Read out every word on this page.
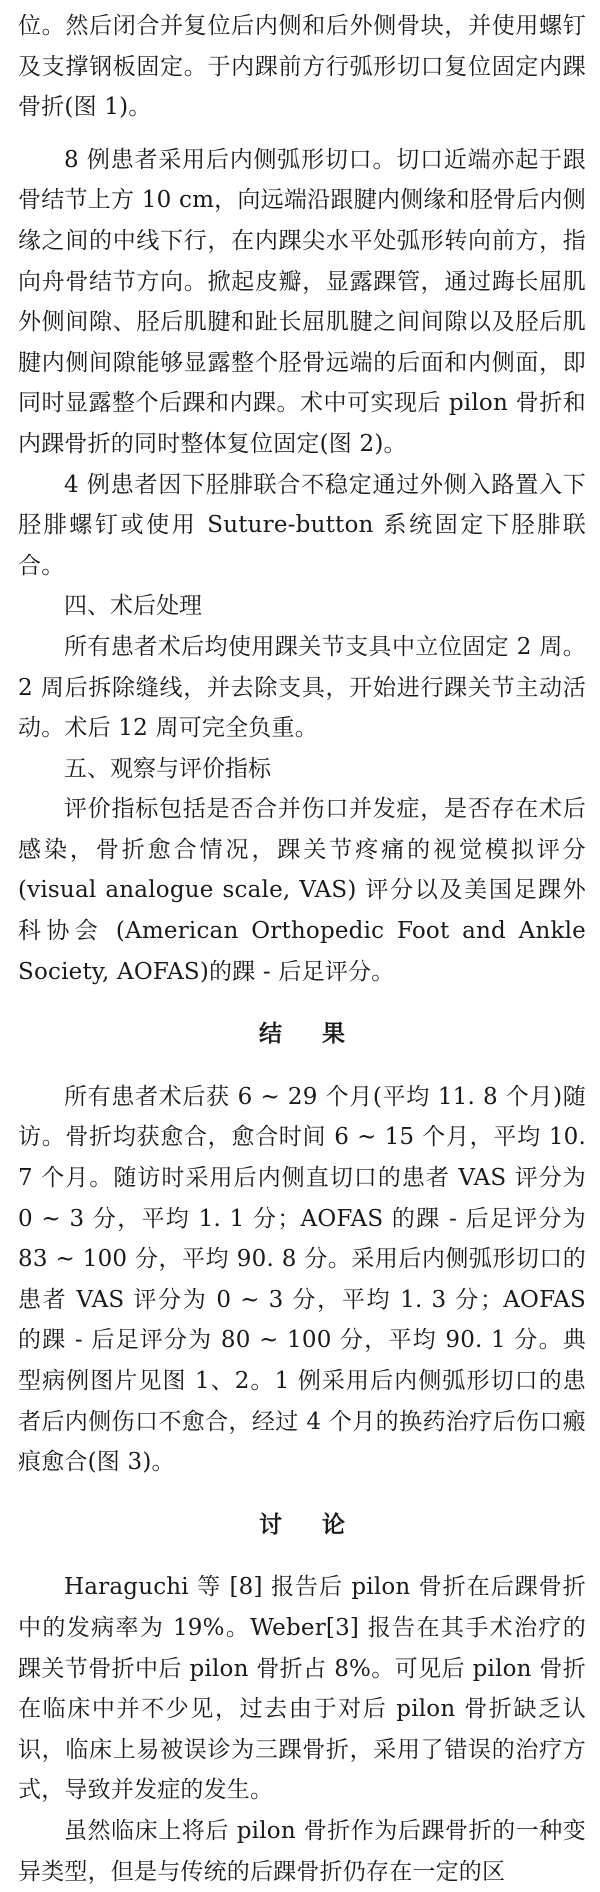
位。然后闭合并复位后内侧和后外侧骨块，并使用螺钉及支撑钢板固定。于内踝前方行弧形切口复位固定内踝骨折(图 1)。

8 例患者采用后内侧弧形切口。切口近端亦起于跟骨结节上方 10 cm，向远端沿跟腱内侧缘和胫骨后内侧缘之间的中线下行，在内踝尖水平处弧形转向前方，指向舟骨结节方向。掀起皮瓣，显露踝管，通过踇长屈肌外侧间隙、胫后肌腱和趾长屈肌腱之间间隙以及胫后肌腱内侧间隙能够显露整个胫骨远端的后面和内侧面，即同时显露整个后踝和内踝。术中可实现后 pilon 骨折和内踝骨折的同时整体复位固定(图 2)。

4 例患者因下胫腓联合不稳定通过外侧入路置入下胫腓螺钉或使用 Suture-button 系统固定下胫腓联合。

四、术后处理

所有患者术后均使用踝关节支具中立位固定 2 周。2 周后拆除缝线，并去除支具，开始进行踝关节主动活动。术后 12 周可完全负重。

五、观察与评价指标

评价指标包括是否合并伤口并发症，是否存在术后感染，骨折愈合情况，踝关节疼痛的视觉模拟评分(visual analogue scale, VAS) 评分以及美国足踝外科协会 (American Orthopedic Foot and Ankle Society, AOFAS)的踝 - 后足评分。

结果

所有患者术后获 6 ~ 29 个月(平均 11. 8 个月)随访。骨折均获愈合，愈合时间 6 ~ 15 个月，平均 10. 7 个月。随访时采用后内侧直切口的患者 VAS 评分为 0 ~ 3 分，平均 1. 1 分；AOFAS 的踝 - 后足评分为 83 ~ 100 分，平均 90. 8 分。采用后内侧弧形切口的患者 VAS 评分为 0 ~ 3 分，平均 1. 3 分；AOFAS 的踝 - 后足评分为 80 ~ 100 分，平均 90. 1 分。典型病例图片见图 1、2。1 例采用后内侧弧形切口的患者后内侧伤口不愈合，经过 4 个月的换药治疗后伤口瘢痕愈合(图 3)。

讨论

Haraguchi 等 [8] 报告后 pilon 骨折在后踝骨折中的发病率为 19%。Weber[3] 报告在其手术治疗的踝关节骨折中后 pilon 骨折占 8%。可见后 pilon 骨折在临床中并不少见，过去由于对后 pilon 骨折缺乏认识，临床上易被误诊为三踝骨折，采用了错误的治疗方式，导致并发症的发生。

虽然临床上将后 pilon 骨折作为后踝骨折的一种变异类型，但是与传统的后踝骨折仍存在一定的区
